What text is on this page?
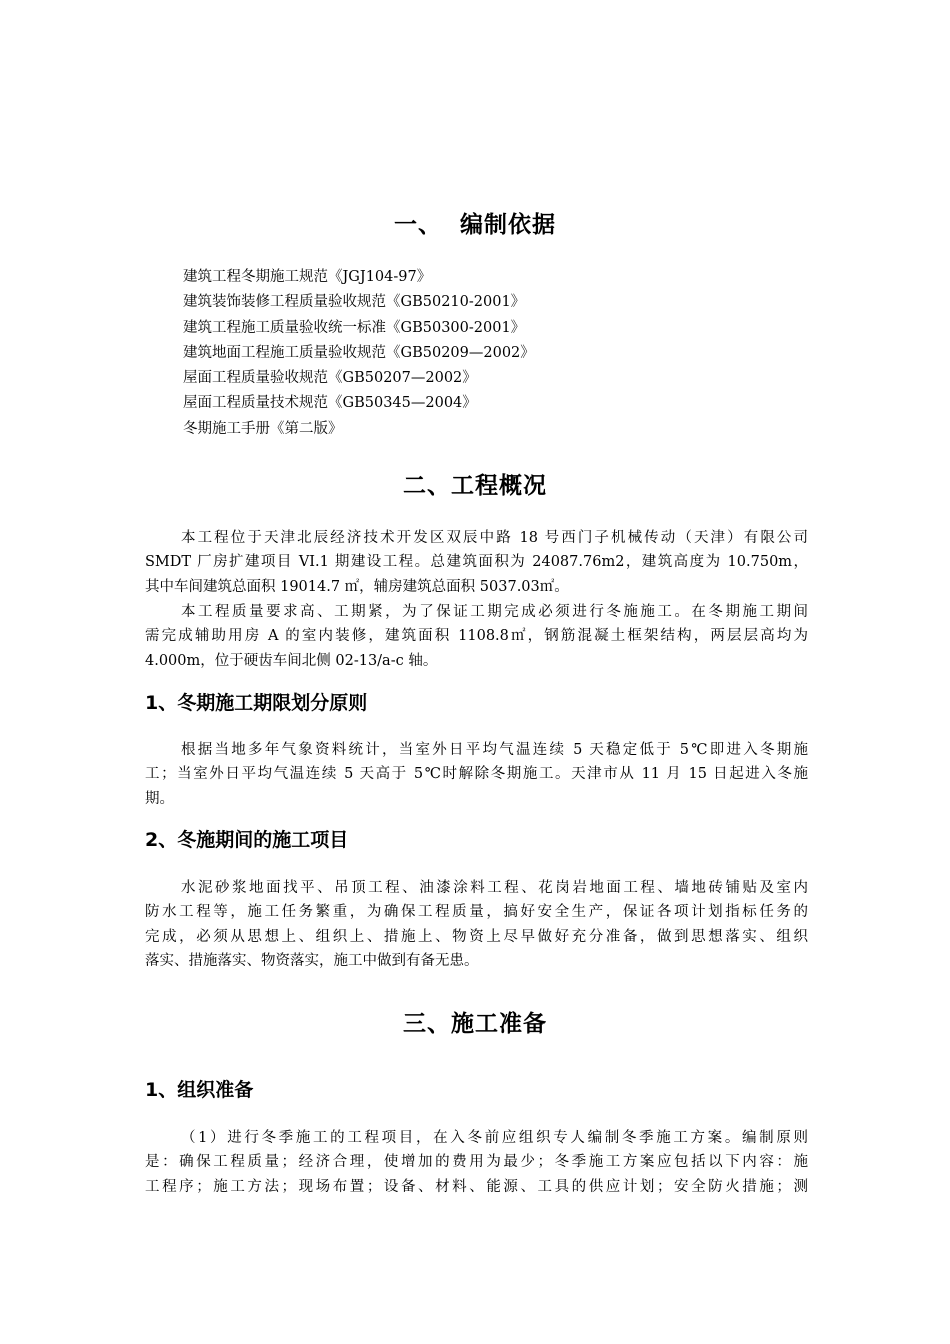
一、  编制依据
建筑工程冬期施工规范《JGJ104-97》
建筑装饰装修工程质量验收规范《GB50210-2001》
建筑工程施工质量验收统一标准《GB50300-2001》
建筑地面工程施工质量验收规范《GB50209—2002》
屋面工程质量验收规范《GB50207—2002》
屋面工程质量技术规范《GB50345—2004》
冬期施工手册《第二版》
二、工程概况
本工程位于天津北辰经济技术开发区双辰中路 18 号西门子机械传动（天津）有限公司
SMDT 厂房扩建项目 VI.1 期建设工程。总建筑面积为 24087.76m2，建筑高度为 10.750m，
其中车间建筑总面积 19014.7 ㎡，辅房建筑总面积 5037.03㎡。
本工程质量要求高、工期紧，为了保证工期完成必须进行冬施施工。在冬期施工期间
需完成辅助用房 A 的室内装修，建筑面积 1108.8㎡，钢筋混凝土框架结构，两层层高均为
4.000m，位于硬齿车间北侧 02-13/a-c 轴。
1、冬期施工期限划分原则
根据当地多年气象资料统计，当室外日平均气温连续 5 天稳定低于 5℃即进入冬期施
工；当室外日平均气温连续 5 天高于 5℃时解除冬期施工。天津市从 11 月 15 日起进入冬施
期。
2、冬施期间的施工项目
水泥砂浆地面找平、吊顶工程、油漆涂料工程、花岗岩地面工程、墙地砖铺贴及室内
防水工程等，施工任务繁重，为确保工程质量，搞好安全生产，保证各项计划指标任务的
完成，必须从思想上、组织上、措施上、物资上尽早做好充分准备，做到思想落实、组织
落实、措施落实、物资落实，施工中做到有备无患。
三、施工准备
1、组织准备
（1）进行冬季施工的工程项目，在入冬前应组织专人编制冬季施工方案。编制原则
是：确保工程质量；经济合理，使增加的费用为最少；冬季施工方案应包括以下内容：施
工程序；施工方法；现场布置；设备、材料、能源、工具的供应计划；安全防火措施；测
